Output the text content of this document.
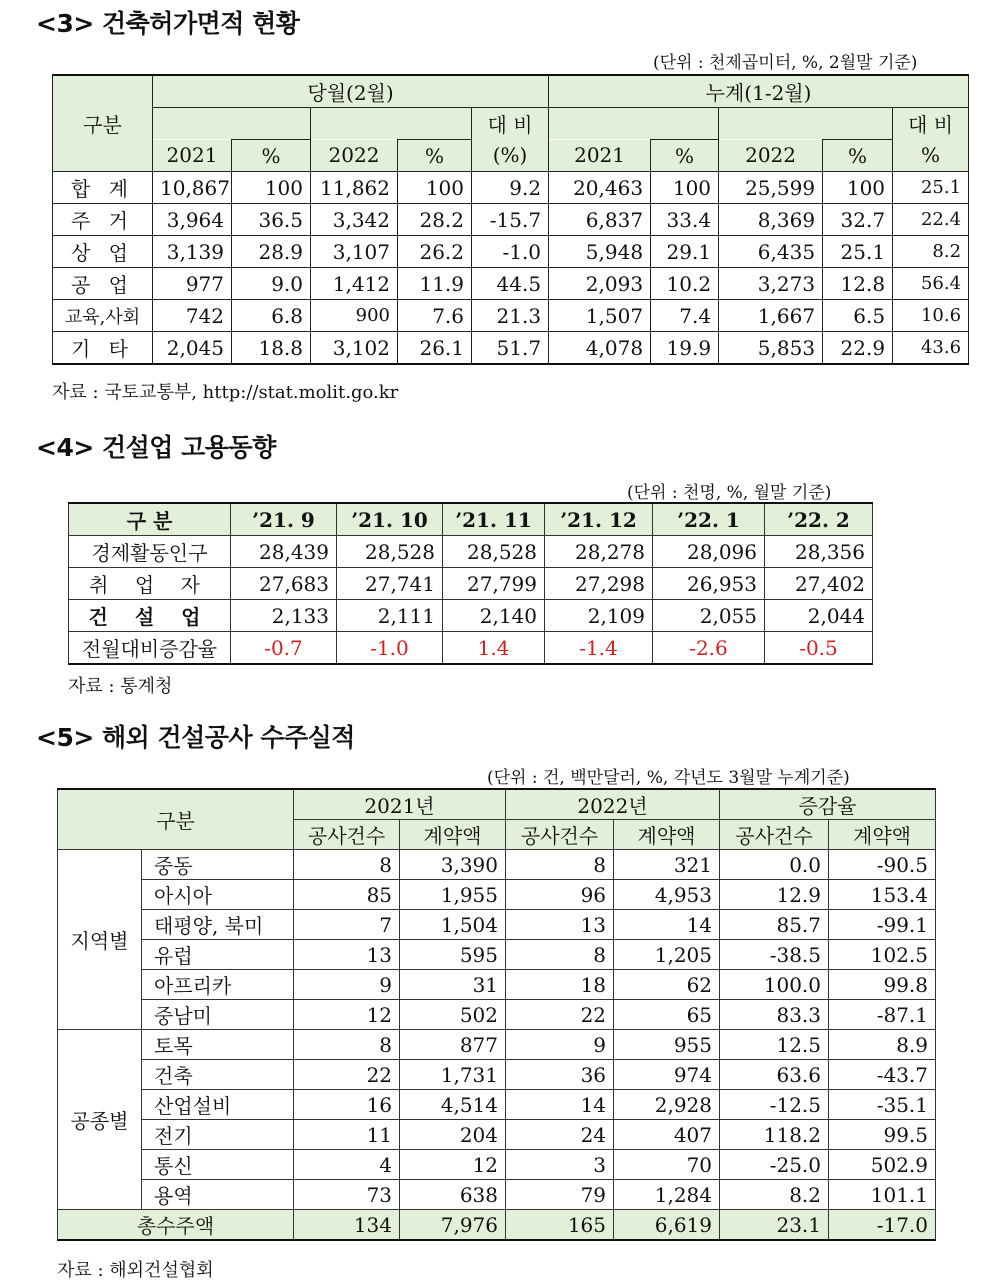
<3> 건축허가면적 현황
(단위 : 천제곱미터, %, 2월말 기준)
구분	당월(2월)					누계(1-2월)				
					대 비					대 비
	2021	%	2022	%	(%)	2021	%	2022	%	%
합 계	10,867	100	11,862	100	9.2	20,463	100	25,599	100	25.1
주 거	3,964	36.5	3,342	28.2	-15.7	6,837	33.4	8,369	32.7	22.4
상 업	3,139	28.9	3,107	26.2	-1.0	5,948	29.1	6,435	25.1	8.2
공 업	977	9.0	1,412	11.9	44.5	2,093	10.2	3,273	12.8	56.4
교육,사회	742	6.8	900	7.6	21.3	1,507	7.4	1,667	6.5	10.6
기 타	2,045	18.8	3,102	26.1	51.7	4,078	19.9	5,853	22.9	43.6
자료 : 국토교통부, http://stat.molit.go.kr
<4> 건설업 고용동향
(단위 : 천명, %, 월말 기준)
구 분	’21. 9	’21. 10	’21. 11	’21. 12	’22. 1	’22. 2
경제활동인구	28,439	28,528	28,528	28,278	28,096	28,356
취 업 자	27,683	27,741	27,799	27,298	26,953	27,402
건 설 업	2,133	2,111	2,140	2,109	2,055	2,044
전월대비증감율	-0.7	-1.0	1.4	-1.4	-2.6	-0.5
자료 : 통계청
<5> 해외 건설공사 수주실적
(단위 : 건, 백만달러, %, 각년도 3월말 누계기준)
구분		2021년		2022년		증감율	
		공사건수	계약액	공사건수	계약액	공사건수	계약액
지역별	중동	8	3,390	8	321	0.0	-90.5
	아시아	85	1,955	96	4,953	12.9	153.4
	태평양, 북미	7	1,504	13	14	85.7	-99.1
	유럽	13	595	8	1,205	-38.5	102.5
	아프리카	9	31	18	62	100.0	99.8
	중남미	12	502	22	65	83.3	-87.1
공종별	토목	8	877	9	955	12.5	8.9
	건축	22	1,731	36	974	63.6	-43.7
	산업설비	16	4,514	14	2,928	-12.5	-35.1
	전기	11	204	24	407	118.2	99.5
	통신	4	12	3	70	-25.0	502.9
	용역	73	638	79	1,284	8.2	101.1
총수주액		134	7,976	165	6,619	23.1	-17.0
자료 : 해외건설협회
